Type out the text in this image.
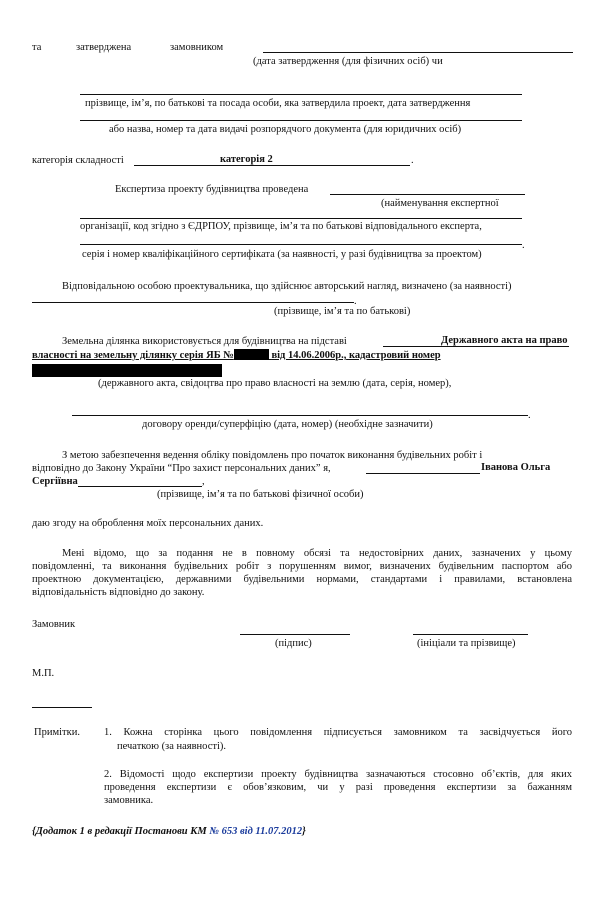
та	затверджена	замовником
(дата затвердження (для фізичних осіб) чи
прізвище, ім’я, по батькові та посада особи, яка затвердила проект, дата затвердження
або назва, номер та дата видачі розпорядчого документа (для юридичних осіб)
категорія складності	категорія 2	.
Експертиза проекту будівництва проведена
(найменування експертної
організації, код згідно з ЄДРПОУ, прізвище, ім’я та по батькові відповідального експерта,
.
серія і номер кваліфікаційного сертифіката (за наявності, у разі будівництва за проектом)
Відповідальною особою проектувальника, що здійснює авторський нагляд, визначено (за наявності)
.
(прізвище, ім’я та по батькові)
Земельна ділянка використовується для будівництва на підставі	Державного акта на право
власності на земельну ділянку серія ЯБ №	від 14.06.2006р., кадастровий номер
(державного акта, свідоцтва про право власності на землю (дата, серія, номер),
.
договору оренди/суперфіцію (дата, номер) (необхідне зазначити)
З метою забезпечення ведення обліку повідомлень про початок виконання будівельних робіт і
відповідно до Закону України “Про захист персональних даних” я,	Іванова Ольга
Сергіївна	,
(прізвище, ім’я та по батькові фізичної особи)
даю згоду на оброблення моїх персональних даних.
Мені відомо, що за подання не в повному обсязі та недостовірних даних, зазначених у цьому
повідомленні, та виконання будівельних робіт з порушенням вимог, визначених будівельним паспортом або
проектною документацією, державними будівельними нормами, стандартами і правилами, встановлена
відповідальність відповідно до закону.
Замовник
(підпис)	(ініціали та прізвище)
М.П.
Примітки. 1. Кожна сторінка цього повідомлення підписується замовником та засвідчується його
печаткою (за наявності).
2. Відомості щодо експертизи проекту будівництва зазначаються стосовно об’єктів, для яких
проведення експертизи є обов’язковим, чи у разі проведення експертизи за бажанням
замовника.
{Додаток 1 в редакції Постанови КМ № 653 від 11.07.2012}
